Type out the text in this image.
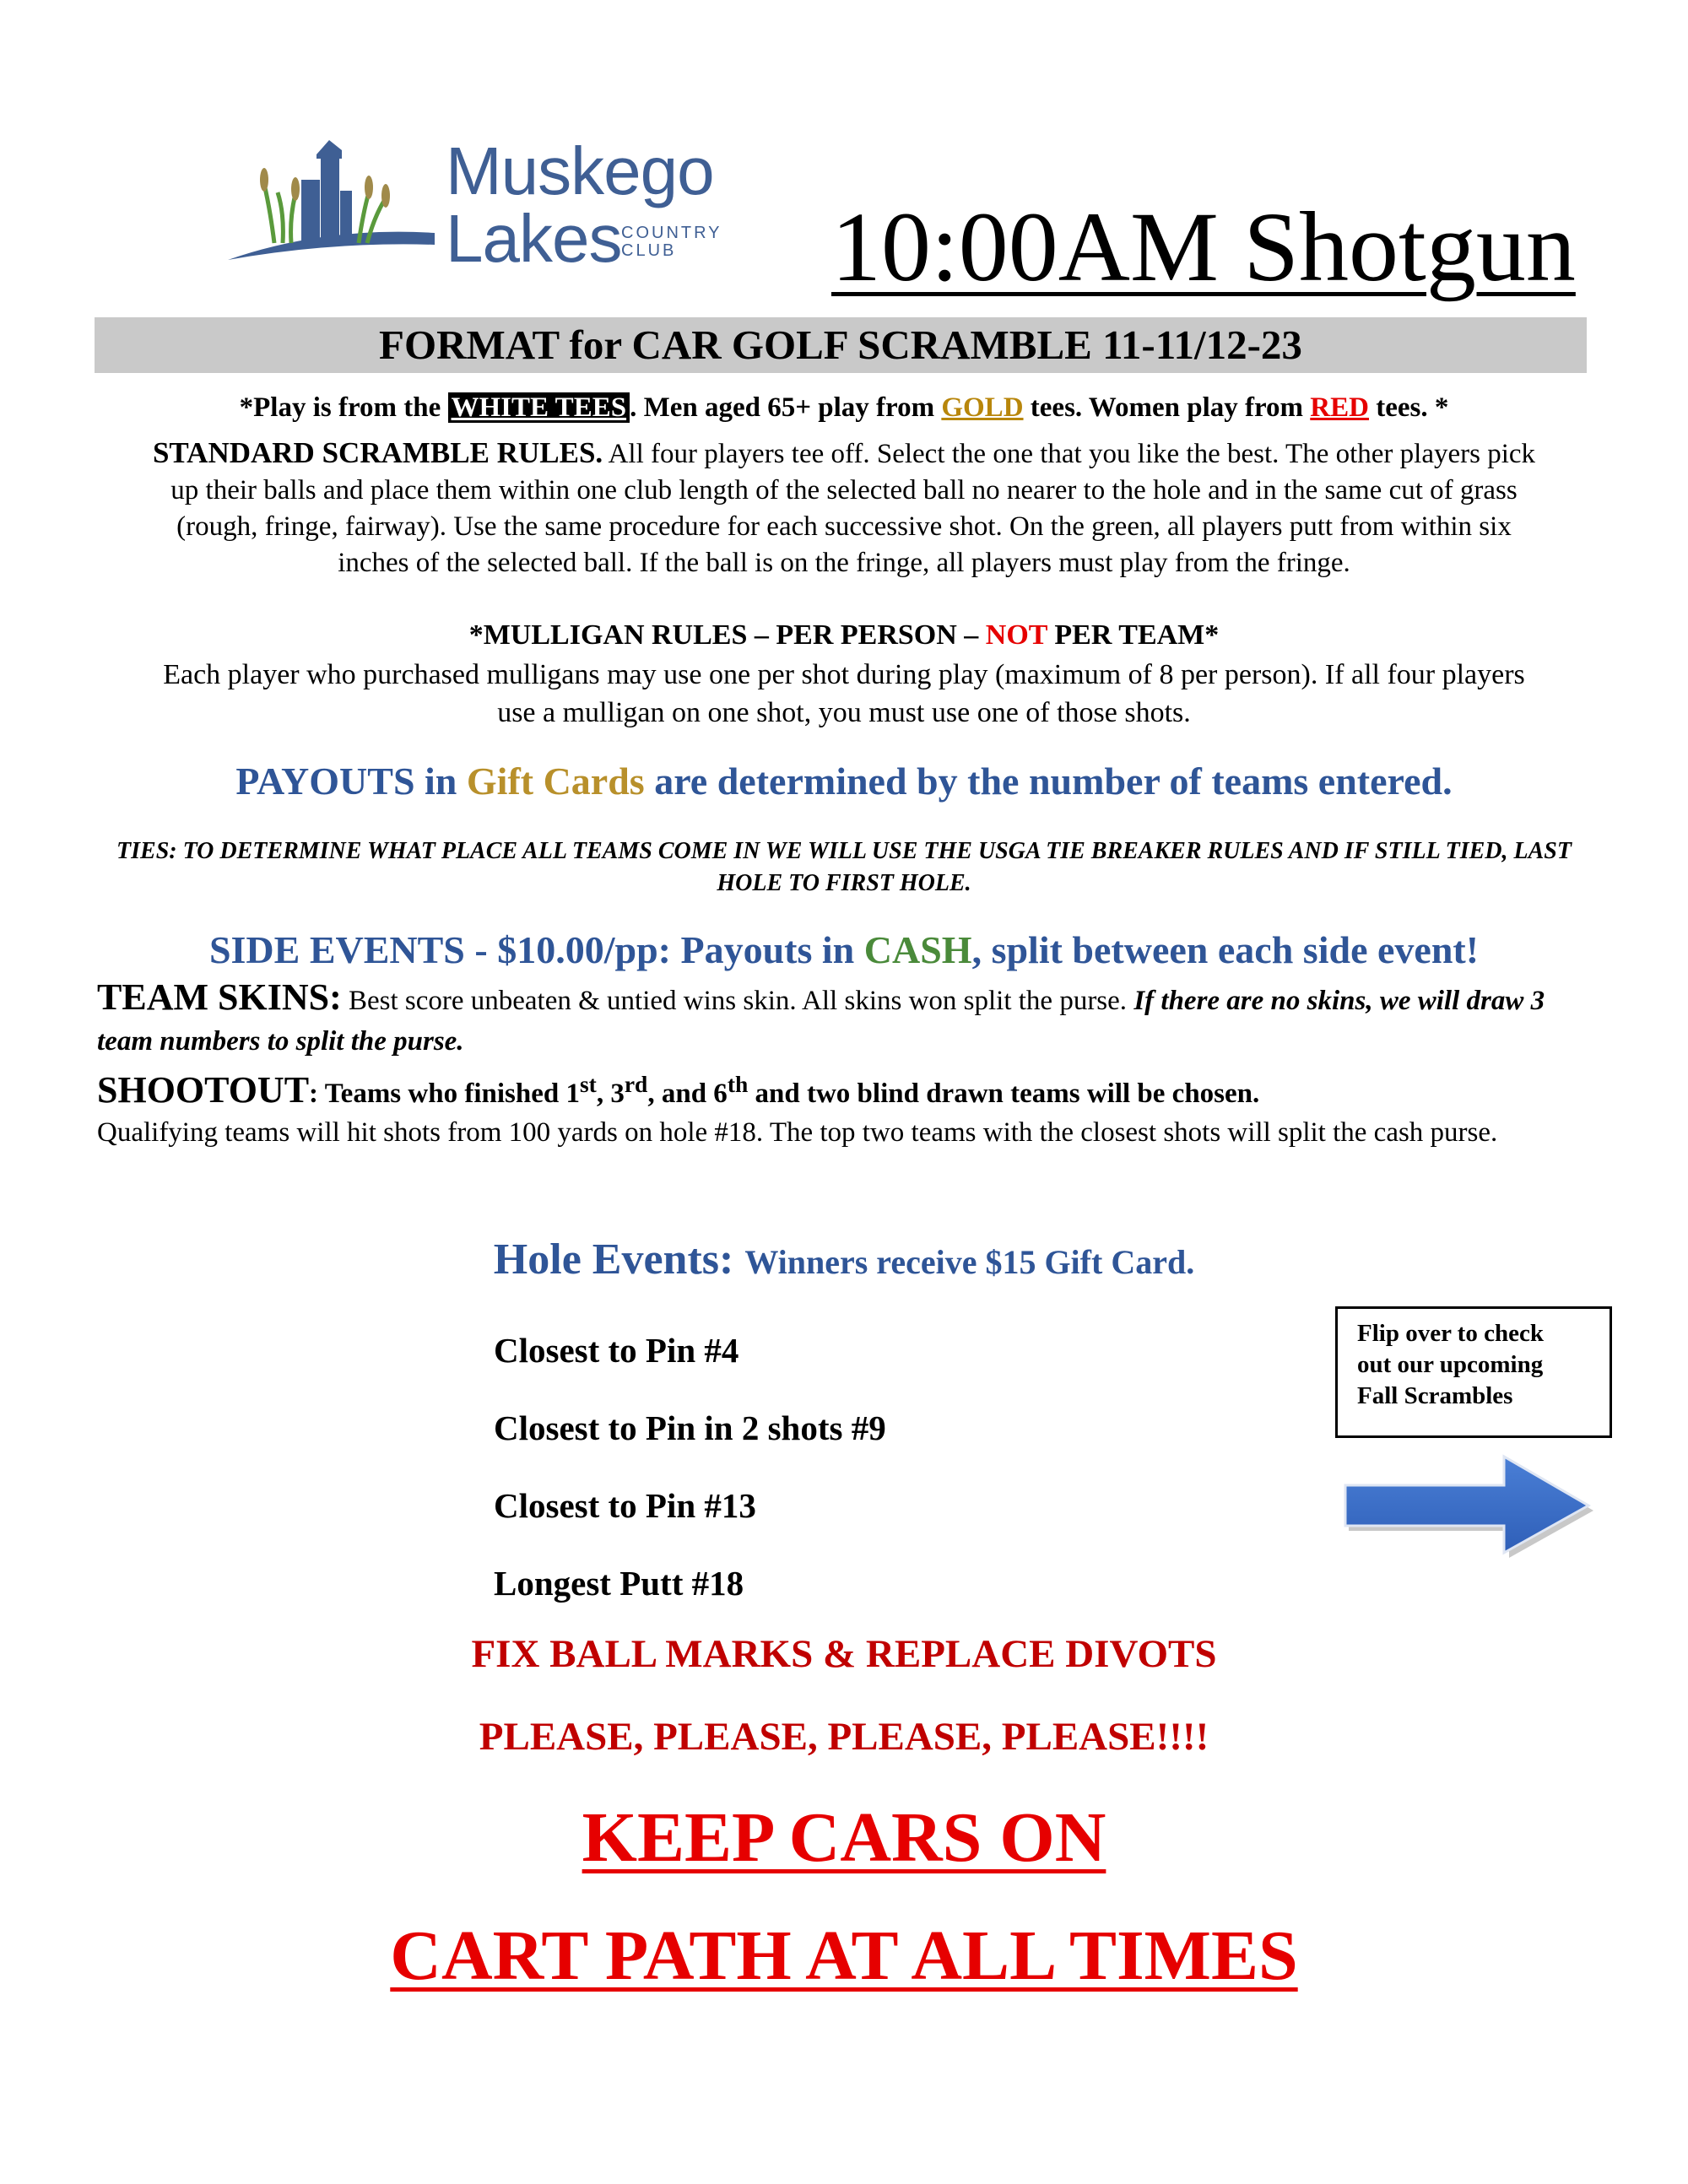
Muskego
Lakes COUNTRY
CLUB	10:00AM Shotgun
FORMAT for CAR GOLF SCRAMBLE 11-11/12-23
*Play is from the WHITE TEES . Men aged 65+ play from GOLD tees. Women play from RED tees. *
STANDARD SCRAMBLE RULES. All four players tee off. Select the one that you like the best. The other players pick up their balls and place them within one club length of the selected ball no nearer to the hole and in the same cut of grass (rough, fringe, fairway). Use the same procedure for each successive shot. On the green, all players putt from within six inches of the selected ball. If the ball is on the fringe, all players must play from the fringe.
*MULLIGAN RULES – PER PERSON – NOT PER TEAM*
Each player who purchased mulligans may use one per shot during play (maximum of 8 per person). If all four players use a mulligan on one shot, you must use one of those shots.
PAYOUTS in Gift Cards are determined by the number of teams entered.
TIES: TO DETERMINE WHAT PLACE ALL TEAMS COME IN WE WILL USE THE USGA TIE BREAKER RULES AND IF STILL TIED, LAST HOLE TO FIRST HOLE.
SIDE EVENTS - $10.00/pp: Payouts in CASH, split between each side event!
TEAM SKINS: Best score unbeaten & untied wins skin. All skins won split the purse. If there are no skins, we will draw 3 team numbers to split the purse.
SHOOTOUT: Teams who finished 1st, 3rd, and 6th and two blind drawn teams will be chosen.
Qualifying teams will hit shots from 100 yards on hole #18. The top two teams with the closest shots will split the cash purse.
Hole Events: Winners receive $15 Gift Card.
Closest to Pin #4
Closest to Pin in 2 shots #9
Closest to Pin #13
Longest Putt #18
Flip over to check
out our upcoming
Fall Scrambles
FIX BALL MARKS & REPLACE DIVOTS
PLEASE, PLEASE, PLEASE, PLEASE!!!!
KEEP CARS ON
CART PATH AT ALL TIMES
